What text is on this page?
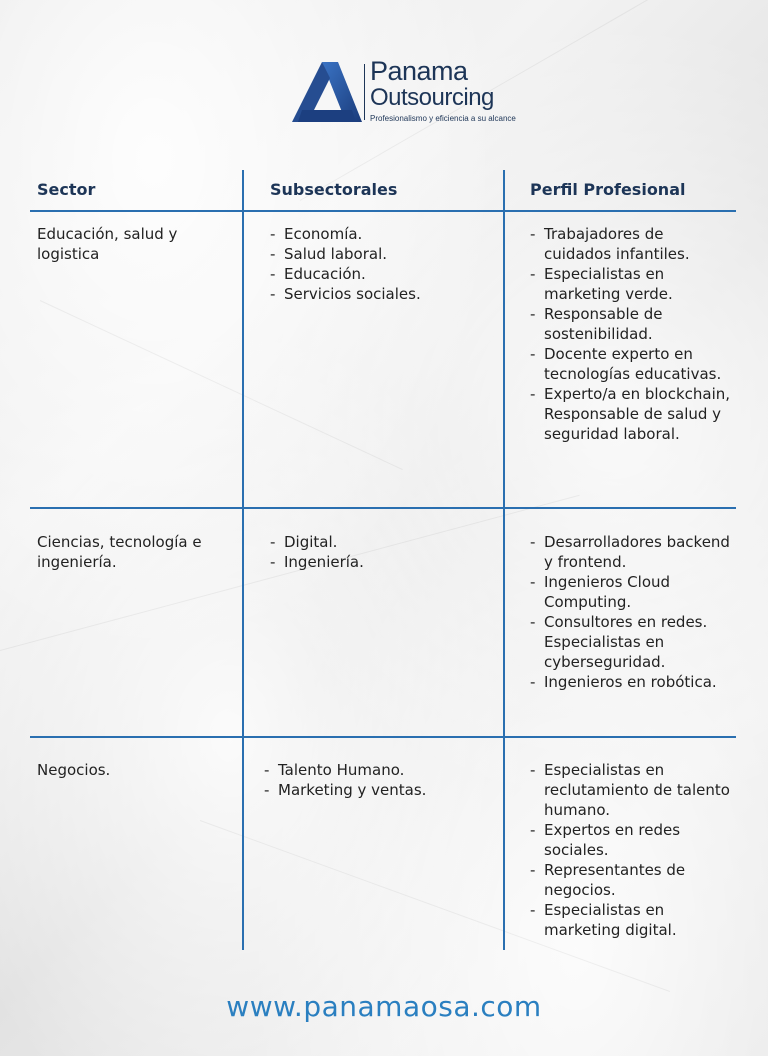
Panama
Outsourcing
Profesionalismo y eficiencia a su alcance
Sector	Subsectorales	Perfil Profesional
Educación, salud y logistica
- Economía.
- Salud laboral.
- Educación.
- Servicios sociales.
- Trabajadores de cuidados infantiles.
- Especialistas en marketing verde.
- Responsable de sostenibilidad.
- Docente experto en tecnologías educativas.
- Experto/a en blockchain, Responsable de salud y seguridad laboral.
Ciencias, tecnología e ingeniería.
- Digital.
- Ingeniería.
- Desarrolladores backend y frontend.
- Ingenieros Cloud Computing.
- Consultores en redes. Especialistas en cyberseguridad.
- Ingenieros en robótica.
Negocios.
-	Talento Humano.
- Marketing y ventas.
- Especialistas en reclutamiento de talento humano.
- Expertos en redes sociales.
- Representantes de negocios.
- Especialistas en marketing digital.
www.panamaosa.com
